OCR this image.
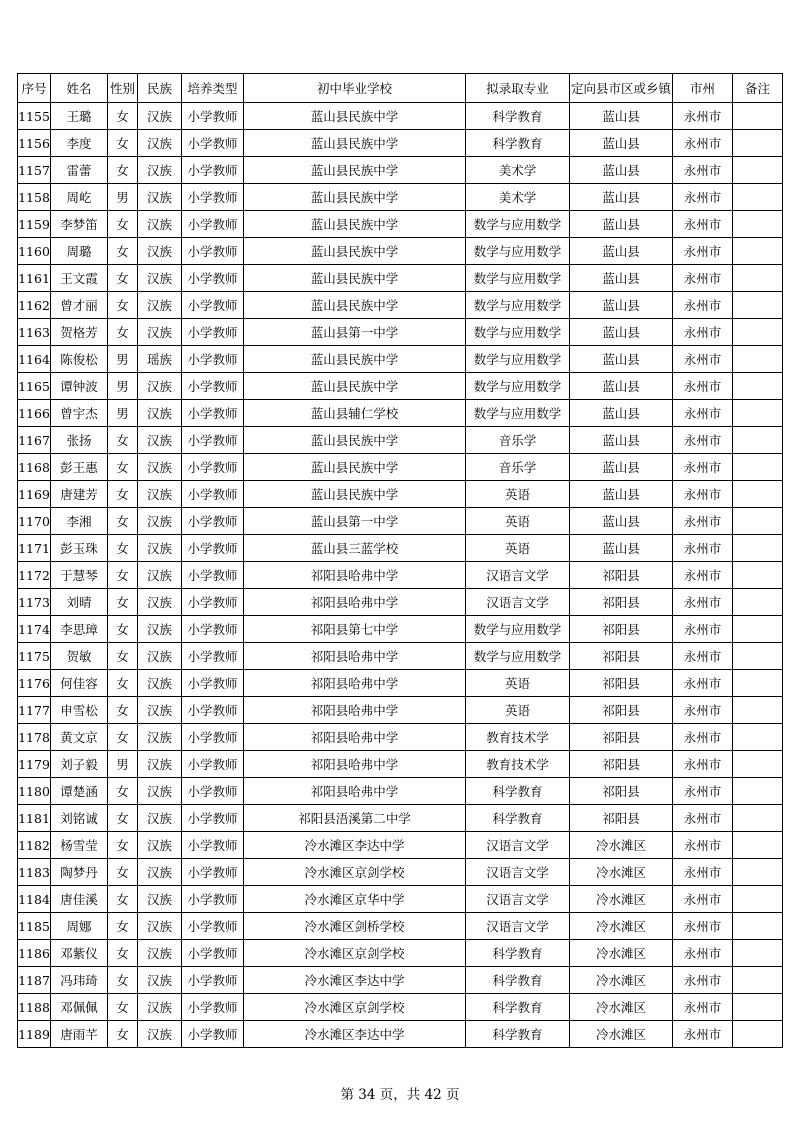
序号	姓名	性别	民族	培养类型	初中毕业学校	拟录取专业	定向县市区或乡镇	市州	备注
1155	王璐	女	汉族	小学教师	蓝山县民族中学	科学教育	蓝山县	永州市	
1156	李度	女	汉族	小学教师	蓝山县民族中学	科学教育	蓝山县	永州市	
1157	雷蕾	女	汉族	小学教师	蓝山县民族中学	美术学	蓝山县	永州市	
1158	周屹	男	汉族	小学教师	蓝山县民族中学	美术学	蓝山县	永州市	
1159	李梦笛	女	汉族	小学教师	蓝山县民族中学	数学与应用数学	蓝山县	永州市	
1160	周璐	女	汉族	小学教师	蓝山县民族中学	数学与应用数学	蓝山县	永州市	
1161	王文霞	女	汉族	小学教师	蓝山县民族中学	数学与应用数学	蓝山县	永州市	
1162	曾才丽	女	汉族	小学教师	蓝山县民族中学	数学与应用数学	蓝山县	永州市	
1163	贺格芳	女	汉族	小学教师	蓝山县第一中学	数学与应用数学	蓝山县	永州市	
1164	陈俊松	男	瑶族	小学教师	蓝山县民族中学	数学与应用数学	蓝山县	永州市	
1165	谭钟波	男	汉族	小学教师	蓝山县民族中学	数学与应用数学	蓝山县	永州市	
1166	曾宇杰	男	汉族	小学教师	蓝山县辅仁学校	数学与应用数学	蓝山县	永州市	
1167	张扬	女	汉族	小学教师	蓝山县民族中学	音乐学	蓝山县	永州市	
1168	彭王惠	女	汉族	小学教师	蓝山县民族中学	音乐学	蓝山县	永州市	
1169	唐建芳	女	汉族	小学教师	蓝山县民族中学	英语	蓝山县	永州市	
1170	李湘	女	汉族	小学教师	蓝山县第一中学	英语	蓝山县	永州市	
1171	彭玉珠	女	汉族	小学教师	蓝山县三蓝学校	英语	蓝山县	永州市	
1172	于慧琴	女	汉族	小学教师	祁阳县哈弗中学	汉语言文学	祁阳县	永州市	
1173	刘晴	女	汉族	小学教师	祁阳县哈弗中学	汉语言文学	祁阳县	永州市	
1174	李思璋	女	汉族	小学教师	祁阳县第七中学	数学与应用数学	祁阳县	永州市	
1175	贺敏	女	汉族	小学教师	祁阳县哈弗中学	数学与应用数学	祁阳县	永州市	
1176	何佳容	女	汉族	小学教师	祁阳县哈弗中学	英语	祁阳县	永州市	
1177	申雪松	女	汉族	小学教师	祁阳县哈弗中学	英语	祁阳县	永州市	
1178	黄文京	女	汉族	小学教师	祁阳县哈弗中学	教育技术学	祁阳县	永州市	
1179	刘子毅	男	汉族	小学教师	祁阳县哈弗中学	教育技术学	祁阳县	永州市	
1180	谭楚涵	女	汉族	小学教师	祁阳县哈弗中学	科学教育	祁阳县	永州市	
1181	刘铭诚	女	汉族	小学教师	祁阳县浯溪第二中学	科学教育	祁阳县	永州市	
1182	杨雪莹	女	汉族	小学教师	冷水滩区李达中学	汉语言文学	冷水滩区	永州市	
1183	陶梦丹	女	汉族	小学教师	冷水滩区京剑学校	汉语言文学	冷水滩区	永州市	
1184	唐佳溪	女	汉族	小学教师	冷水滩区京华中学	汉语言文学	冷水滩区	永州市	
1185	周娜	女	汉族	小学教师	冷水滩区剑桥学校	汉语言文学	冷水滩区	永州市	
1186	邓紫仪	女	汉族	小学教师	冷水滩区京剑学校	科学教育	冷水滩区	永州市	
1187	冯玮琦	女	汉族	小学教师	冷水滩区李达中学	科学教育	冷水滩区	永州市	
1188	邓佩佩	女	汉族	小学教师	冷水滩区京剑学校	科学教育	冷水滩区	永州市	
1189	唐雨芊	女	汉族	小学教师	冷水滩区李达中学	科学教育	冷水滩区	永州市	
第 34 页，共 42 页
